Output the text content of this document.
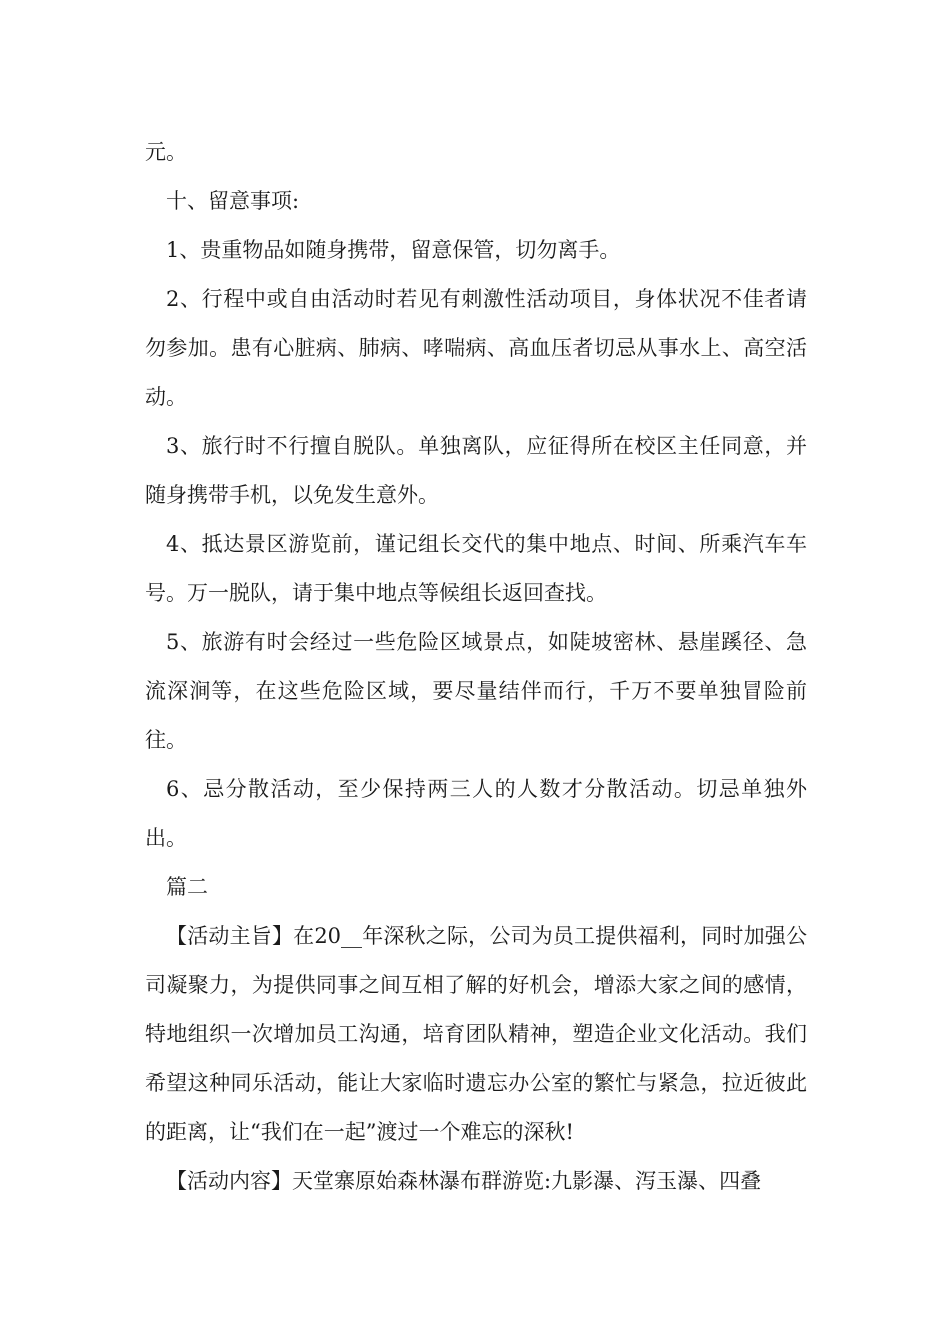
元。

十、留意事项:

1、贵重物品如随身携带，留意保管，切勿离手。

2、行程中或自由活动时若见有刺激性活动项目，身体状况不佳者请勿参加。患有心脏病、肺病、哮喘病、高血压者切忌从事水上、高空活动。

3、旅行时不行擅自脱队。单独离队，应征得所在校区主任同意，并随身携带手机，以免发生意外。

4、抵达景区游览前，谨记组长交代的集中地点、时间、所乘汽车车号。万一脱队，请于集中地点等候组长返回查找。

5、旅游有时会经过一些危险区域景点，如陡坡密林、悬崖蹊径、急流深涧等，在这些危险区域，要尽量结伴而行，千万不要单独冒险前往。

6、忌分散活动，至少保持两三人的人数才分散活动。切忌单独外出。

篇二

【活动主旨】在20__年深秋之际，公司为员工提供福利，同时加强公司凝聚力，为提供同事之间互相了解的好机会，增添大家之间的感情，特地组织一次增加员工沟通，培育团队精神，塑造企业文化活动。我们希望这种同乐活动，能让大家临时遗忘办公室的繁忙与紧急，拉近彼此的距离，让“我们在一起”渡过一个难忘的深秋!

【活动内容】天堂寨原始森林瀑布群游览:九影瀑、泻玉瀑、四叠
